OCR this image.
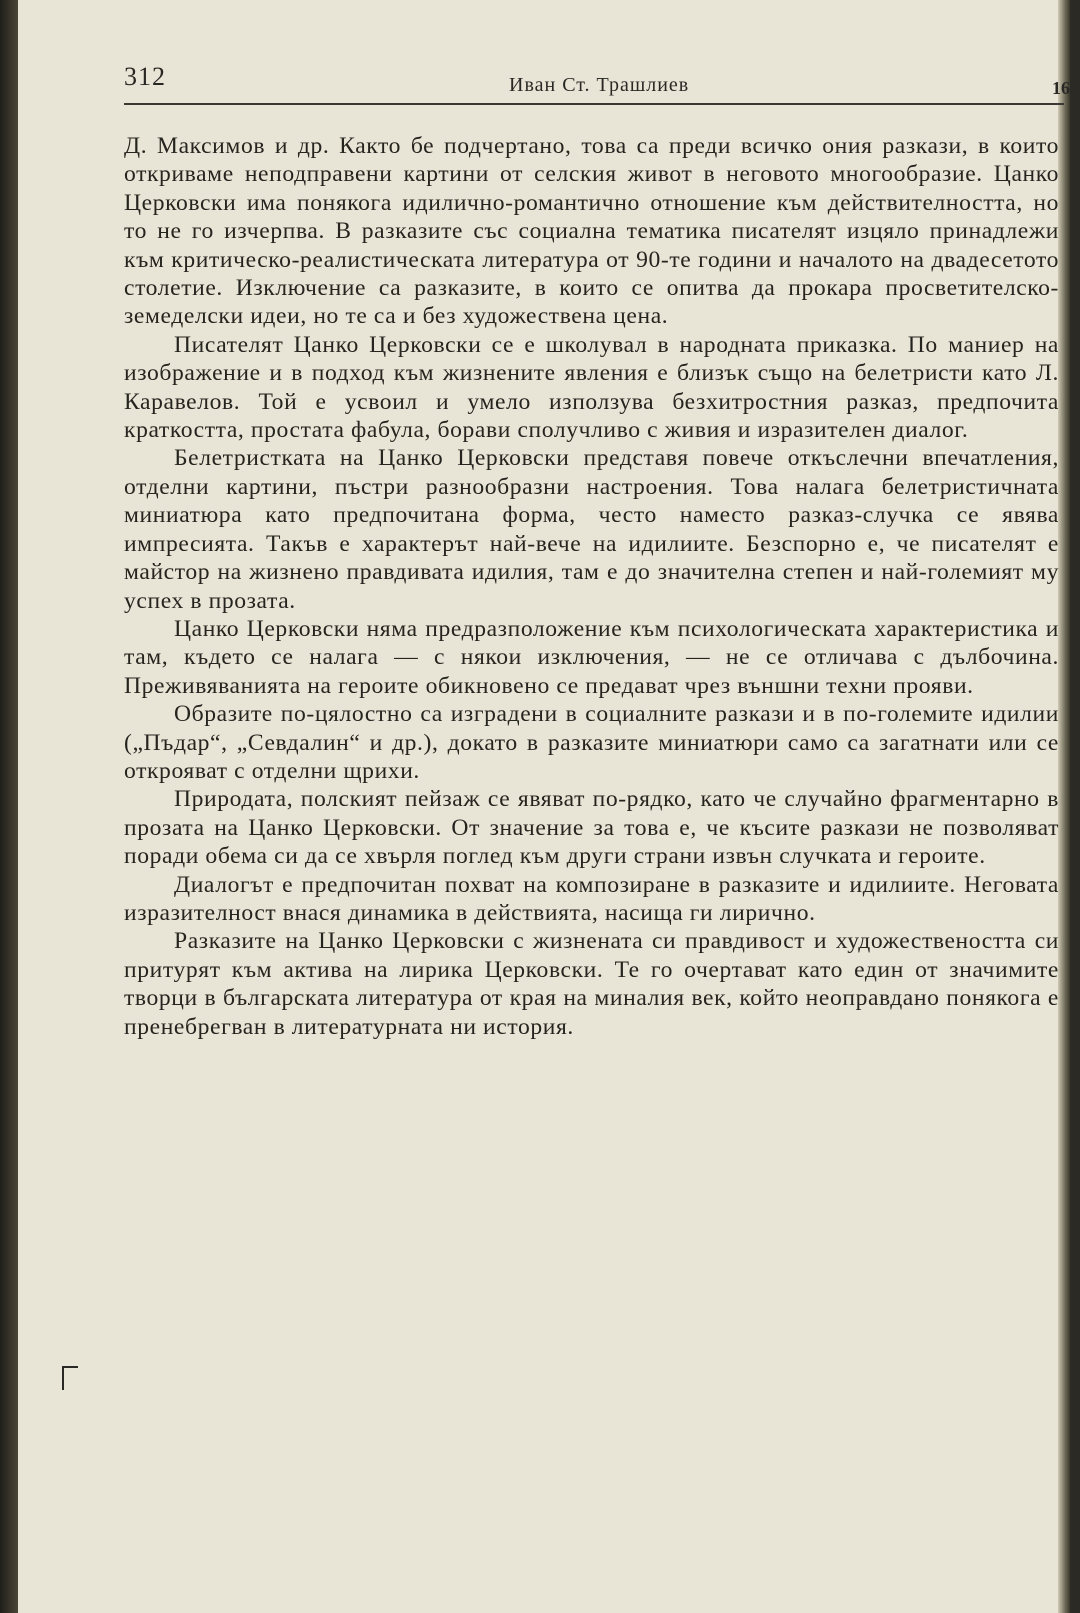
312	Иван Ст. Трашлиев	16

Д. Максимов и др. Както бе подчертано, това са преди всичко ония разкази, в които откриваме неподправени картини от селския живот в неговото многообразие. Цанко Церковски има понякога идилично-романтично отношение към действителността, но то не го изчерпва. В разказите със социална тематика писателят изцяло принадлежи към критическо-реалистическата литература от 90-те години и началото на двадесетото столетие. Изключение са разказите, в които се опитва да прокара просветителско-земеделски идеи, но те са и без художествена цена.

Писателят Цанко Церковски се е школувал в народната приказка. По маниер на изображение и в подход към жизнените явления е близък също на белетристи като Л. Каравелов. Той е усвоил и умело използува безхитростния разказ, предпочита краткостта, простата фабула, борави сполучливо с живия и изразителен диалог.

Белетристката на Цанко Церковски представя повече откъслечни впечатления, отделни картини, пъстри разнообразни настроения. Това налага белетристичната миниатюра като предпочитана форма, често наместо разказ-случка се явява импресията. Такъв е характерът най-вече на идилиите. Безспорно е, че писателят е майстор на жизнено правдивата идилия, там е до значителна степен и най-големият му успех в прозата.

Цанко Церковски няма предразположение към психологическата характеристика и там, където се налага — с някои изключения, — не се отличава с дълбочина. Преживяванията на героите обикновено се предават чрез външни техни прояви.

Образите по-цялостно са изградени в социалните разкази и в по-големите идилии („Пъдар“, „Севдалин“ и др.), докато в разказите миниатюри само са загатнати или се открояват с отделни щрихи.

Природата, полският пейзаж се явяват по-рядко, като че случайно фрагментарно в прозата на Цанко Церковски. От значение за това е, че късите разкази не позволяват поради обема си да се хвърля поглед към други страни извън случката и героите.

Диалогът е предпочитан похват на композиране в разказите и идилиите. Неговата изразителност внася динамика в действията, насища ги лирично.

Разказите на Цанко Церковски с жизнената си правдивост и художествеността си притурят към актива на лирика Церковски. Те го очертават като един от значимите творци в българската литература от края на миналия век, който неоправдано понякога е пренебрегван в литературната ни история.
